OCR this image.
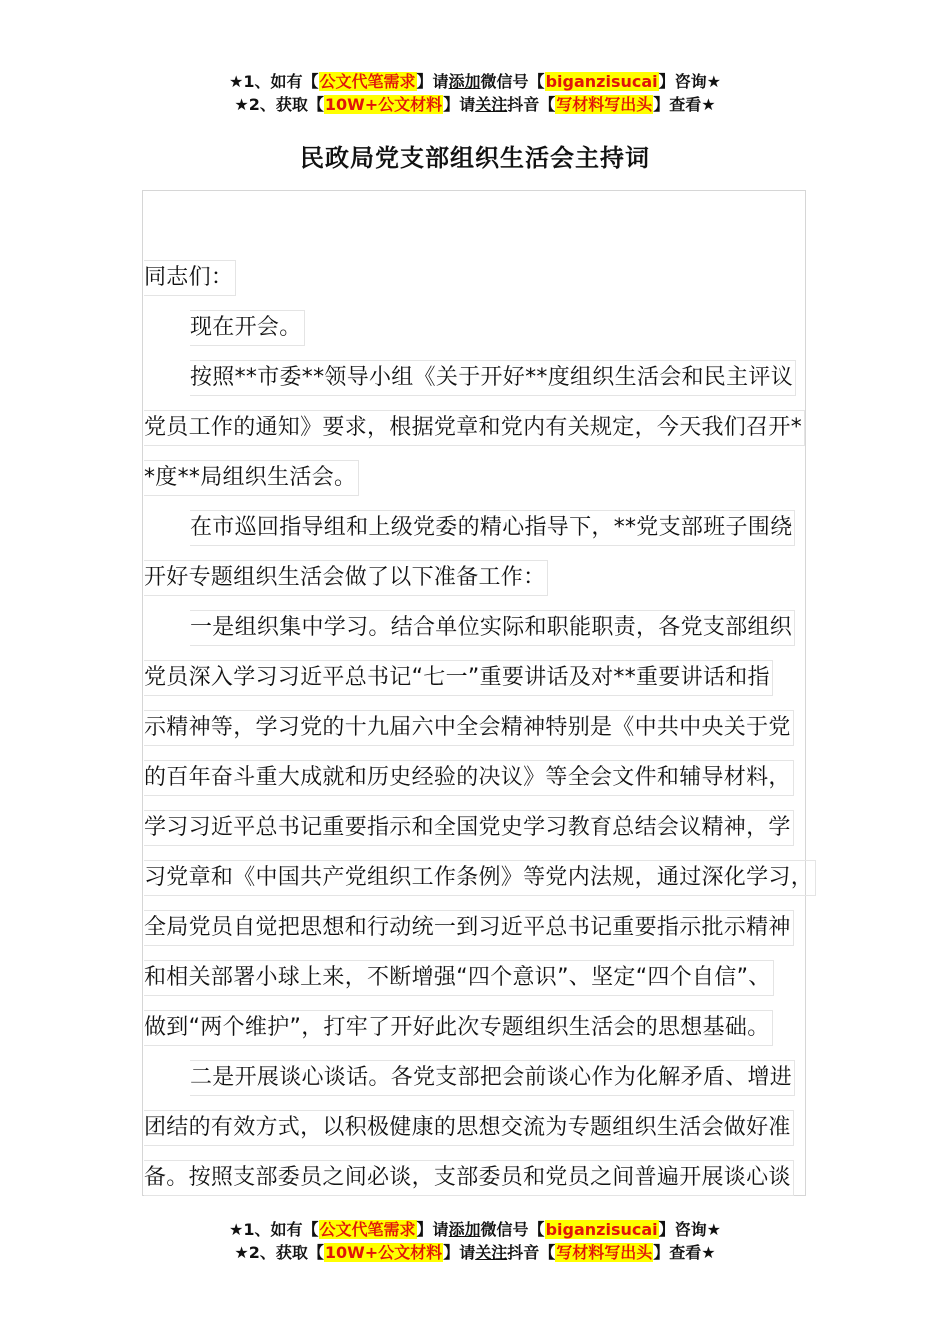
★1、如有【公文代笔需求】请添加微信号【biganzisucai】咨询★
★2、获取【10W+公文材料】请关注抖音【写材料写出头】查看★
民政局党支部组织生活会主持词
同志们：
现在开会。
按照**市委**领导小组《关于开好**度组织生活会和民主评议
党员工作的通知》要求，根据党章和党内有关规定，今天我们召开*
*度**局组织生活会。
在市巡回指导组和上级党委的精心指导下，**党支部班子围绕
开好专题组织生活会做了以下准备工作：
一是组织集中学习。结合单位实际和职能职责，各党支部组织
党员深入学习习近平总书记“七一”重要讲话及对**重要讲话和指
示精神等，学习党的十九届六中全会精神特别是《中共中央关于党
的百年奋斗重大成就和历史经验的决议》等全会文件和辅导材料，
学习习近平总书记重要指示和全国党史学习教育总结会议精神，学
习党章和《中国共产党组织工作条例》等党内法规，通过深化学习，
全局党员自觉把思想和行动统一到习近平总书记重要指示批示精神
和相关部署小球上来，不断增强“四个意识”、坚定“四个自信”、
做到“两个维护”，打牢了开好此次专题组织生活会的思想基础。
二是开展谈心谈话。各党支部把会前谈心作为化解矛盾、增进
团结的有效方式，以积极健康的思想交流为专题组织生活会做好准
备。按照支部委员之间必谈，支部委员和党员之间普遍开展谈心谈
★1、如有【公文代笔需求】请添加微信号【biganzisucai】咨询★
★2、获取【10W+公文材料】请关注抖音【写材料写出头】查看★
